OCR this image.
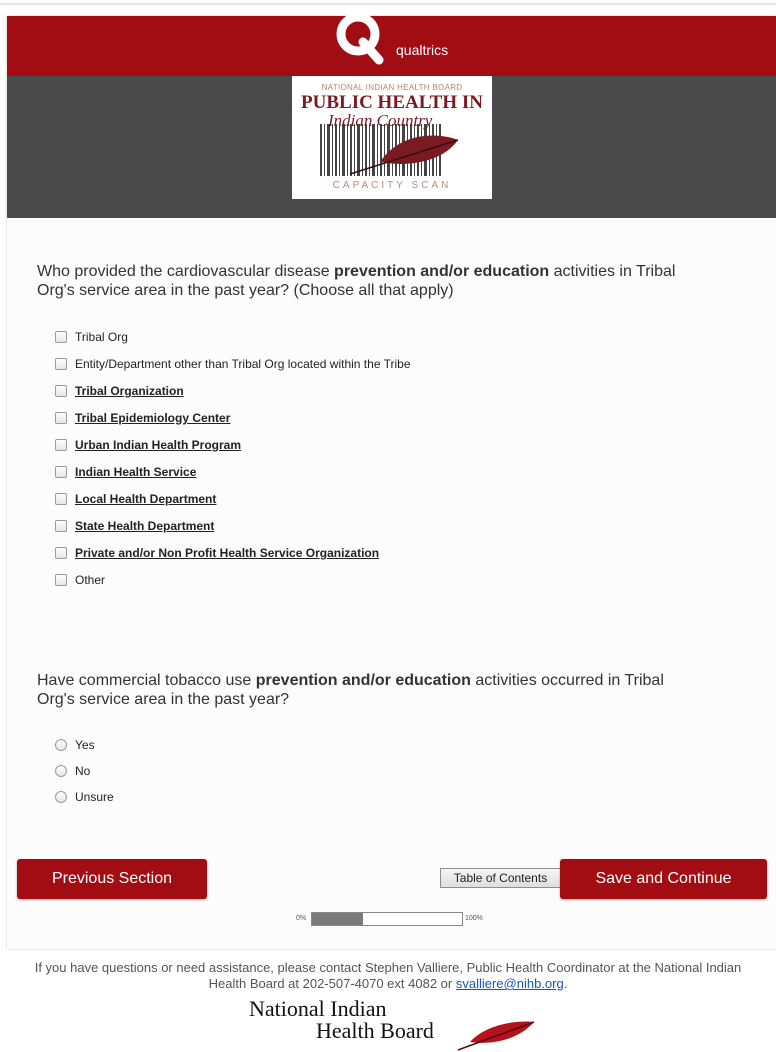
qualtrics
NATIONAL INDIAN HEALTH BOARD
PUBLIC HEALTH IN
Indian Country
CAPACITY SCAN
Who provided the cardiovascular disease prevention and/or education activities in Tribal Org's service area in the past year? (Choose all that apply)
Tribal Org
Entity/Department other than Tribal Org located within the Tribe
Tribal Organization
Tribal Epidemiology Center
Urban Indian Health Program
Indian Health Service
Local Health Department
State Health Department
Private and/or Non Profit Health Service Organization
Other
Have commercial tobacco use prevention and/or education activities occurred in Tribal Org's service area in the past year?
Yes
No
Unsure
Previous Section	Table of Contents	Save and Continue
0%	100%
If you have questions or need assistance, please contact Stephen Valliere, Public Health Coordinator at the National Indian Health Board at 202-507-4070 ext 4082 or svalliere@nihb.org.
National Indian
Health Board
